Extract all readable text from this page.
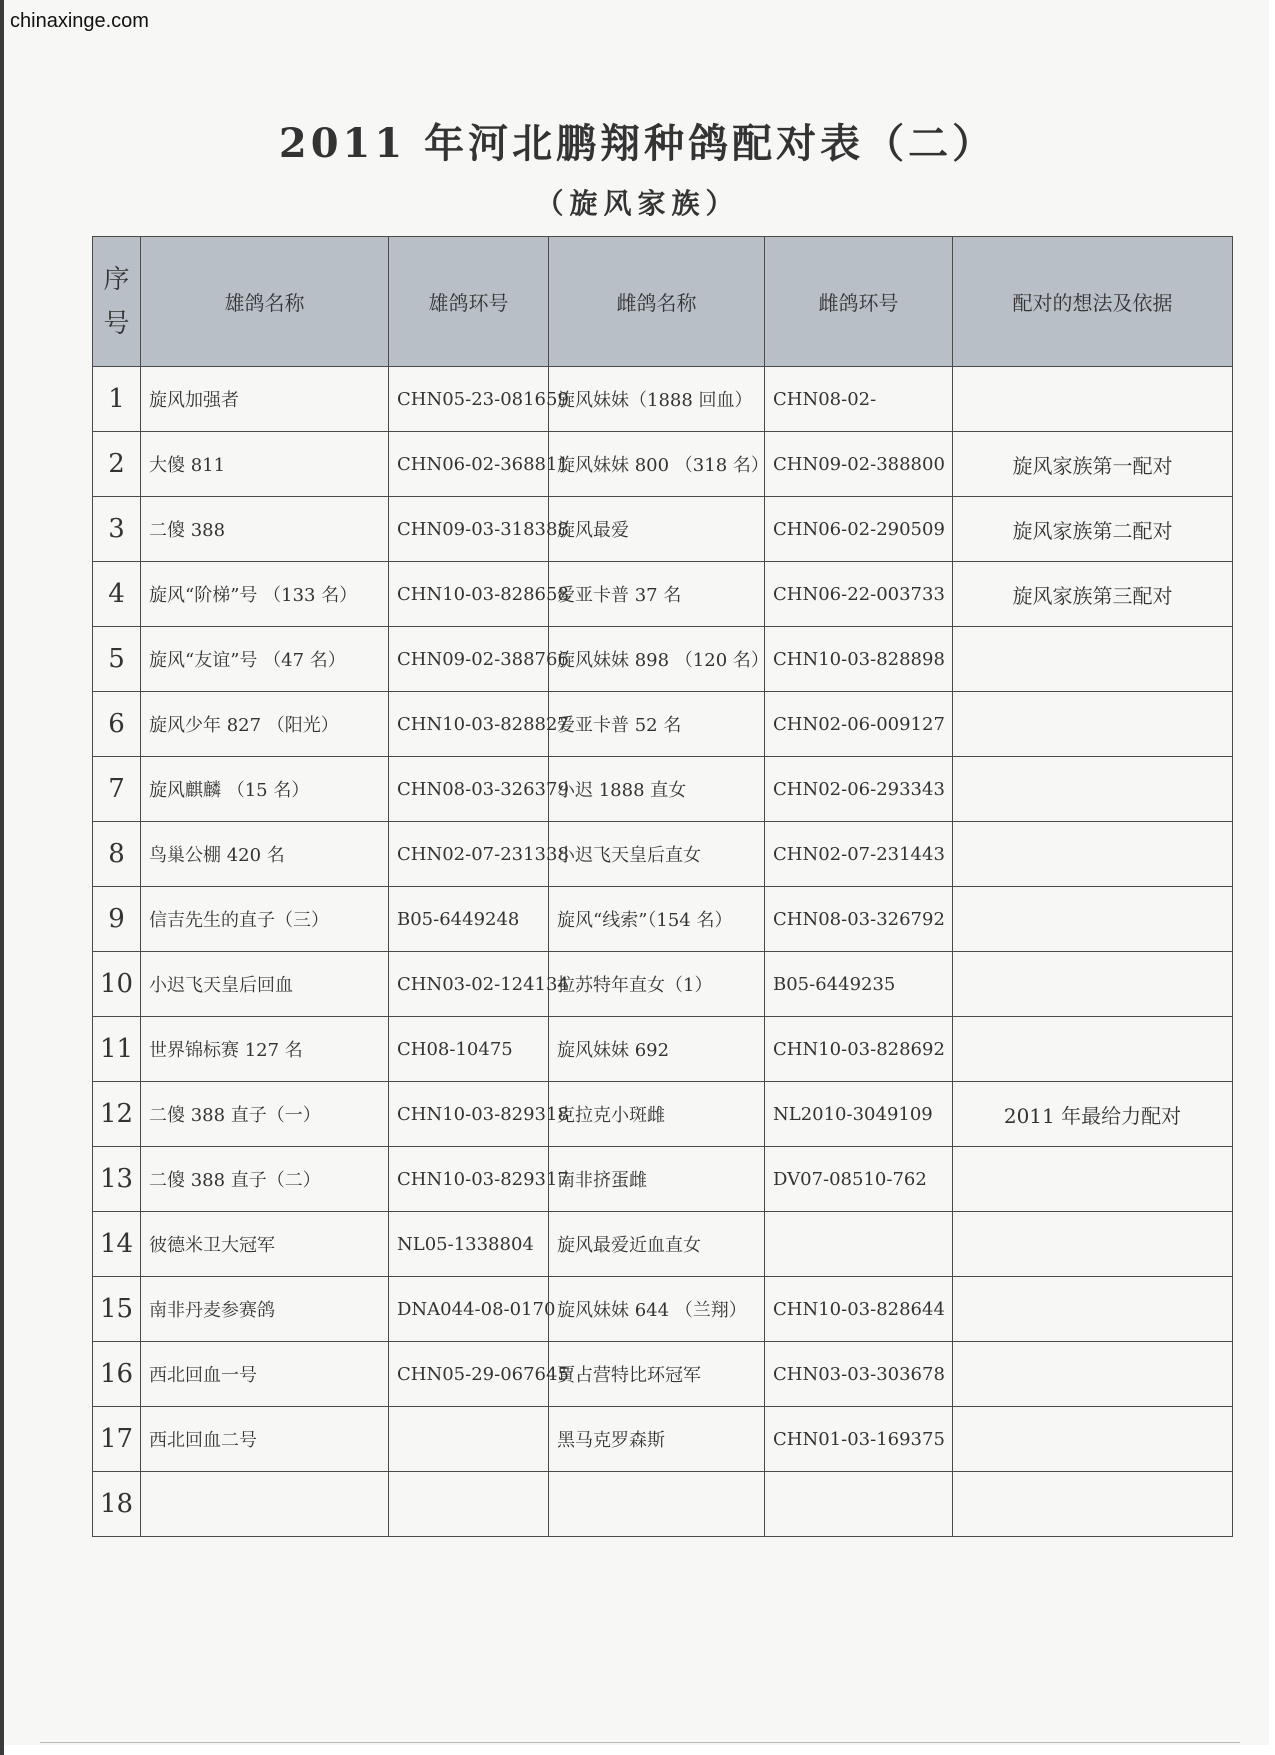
chinaxinge.com
2011 年河北鹏翔种鸽配对表（二）
（旋风家族）
序
号	雄鸽名称	雄鸽环号	雌鸽名称	雌鸽环号	配对的想法及依据
1	旋风加强者	CHN05-23-081659	旋风妹妹（1888 回血）	CHN08-02-	
2	大傻 811	CHN06-02-368811	旋风妹妹 800 （318 名）	CHN09-02-388800	旋风家族第一配对
3	二傻 388	CHN09-03-318388	旋风最爱	CHN06-02-290509	旋风家族第二配对
4	旋风“阶梯”号 （133 名）	CHN10-03-828658	爱亚卡普 37 名	CHN06-22-003733	旋风家族第三配对
5	旋风“友谊”号 （47 名）	CHN09-02-388766	旋风妹妹 898 （120 名）	CHN10-03-828898	
6	旋风少年 827 （阳光）	CHN10-03-828827	爱亚卡普 52 名	CHN02-06-009127	
7	旋风麒麟 （15 名）	CHN08-03-326379	小迟 1888 直女	CHN02-06-293343	
8	鸟巢公棚 420 名	CHN02-07-231338	小迟飞天皇后直女	CHN02-07-231443	
9	信吉先生的直子（三）	B05-6449248	旋风“线索”（154 名）	CHN08-03-326792	
10	小迟飞天皇后回血	CHN03-02-124134	拉苏特年直女（1）	B05-6449235	
11	世界锦标赛 127 名	CH08-10475	旋风妹妹 692	CHN10-03-828692	
12	二傻 388 直子（一）	CHN10-03-829318	克拉克小斑雌	NL2010-3049109	2011 年最给力配对
13	二傻 388 直子（二）	CHN10-03-829317	南非挤蛋雌	DV07-08510-762	
14	彼德米卫大冠军	NL05-1338804	旋风最爱近血直女		
15	南非丹麦参赛鸽	DNA044-08-0170	旋风妹妹 644 （兰翔）	CHN10-03-828644	
16	西北回血一号	CHN05-29-067645	賈占营特比环冠军	CHN03-03-303678	
17	西北回血二号		黑马克罗森斯	CHN01-03-169375	
18					
